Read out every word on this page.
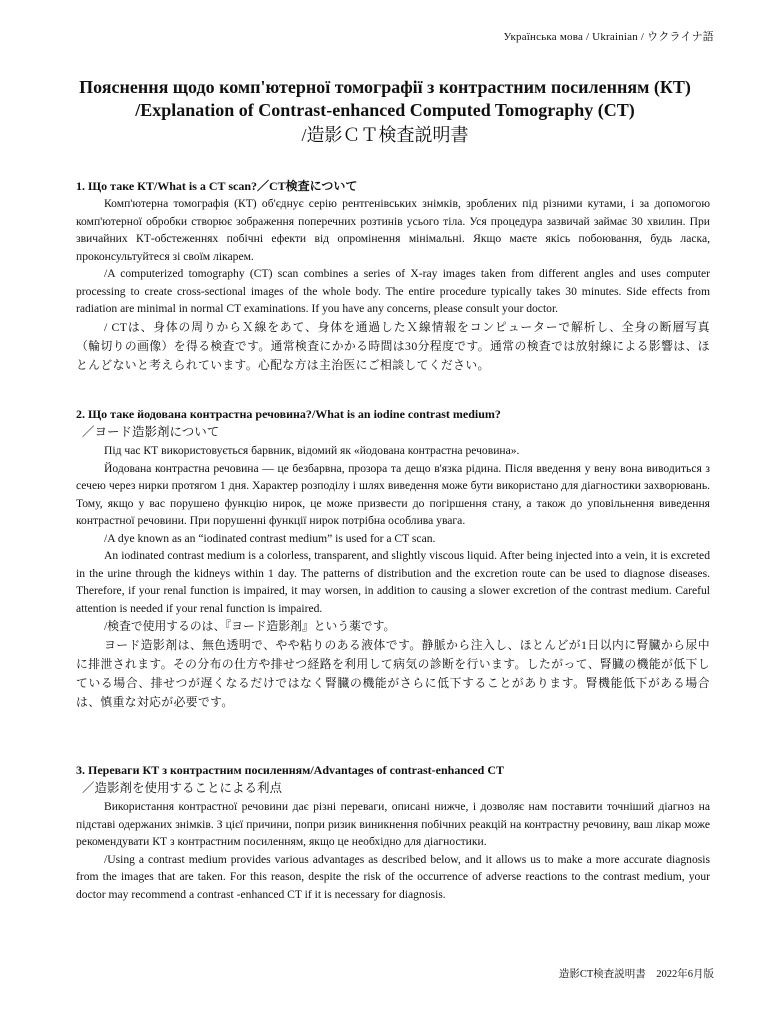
Українська мова / Ukrainian / ウクライナ語
Пояснення щодо комп'ютерної томографії з контрастним посиленням (КТ)
/Explanation of Contrast-enhanced Computed Tomography (CT)
/造影ＣＴ検査説明書
1. Що таке КТ/What is a CT scan?／CT検査について

Комп'ютерна томографія (КТ) об'єднує серію рентгенівських знімків, зроблених під різними кутами, і за допомогою комп'ютерної обробки створює зображення поперечних розтинів усього тіла. Уся процедура зазвичай займає 30 хвилин. При звичайних КТ-обстеженнях побічні ефекти від опромінення мінімальні. Якщо маєте якісь побоювання, будь ласка, проконсультуйтеся зі своїм лікарем.

/A computerized tomography (CT) scan combines a series of X-ray images taken from different angles and uses computer processing to create cross-sectional images of the whole body. The entire procedure typically takes 30 minutes. Side effects from radiation are minimal in normal CT examinations. If you have any concerns, please consult your doctor.

/ CTは、身体の周りからＸ線をあて、身体を通過したＸ線情報をコンピューターで解析し、全身の断層写真（輪切りの画像）を得る検査です。通常検査にかかる時間は30分程度です。通常の検査では放射線による影響は、ほとんどないと考えられています。心配な方は主治医にご相談してください。

2. Що таке йодована контрастна речовина?/What is an iodine contrast medium?
／ヨード造影剤について

Під час КТ використовується барвник, відомий як «йодована контрастна речовина».

Йодована контрастна речовина — це безбарвна, прозора та дещо в'язка рідина. Після введення у вену вона виводиться з сечею через нирки протягом 1 дня. Характер розподілу і шлях виведення може бути використано для діагностики захворювань. Тому, якщо у вас порушено функцію нирок, це може призвести до погіршення стану, а також до уповільнення виведення контрастної речовини. При порушенні функції нирок потрібна особлива увага.

/A dye known as an “iodinated contrast medium” is used for a CT scan.

An iodinated contrast medium is a colorless, transparent, and slightly viscous liquid. After being injected into a vein, it is excreted in the urine through the kidneys within 1 day. The patterns of distribution and the excretion route can be used to diagnose diseases. Therefore, if your renal function is impaired, it may worsen, in addition to causing a slower excretion of the contrast medium. Careful attention is needed if your renal function is impaired.

/検査で使用するのは、『ヨード造影剤』という薬です。

ヨード造影剤は、無色透明で、やや粘りのある液体です。静脈から注入し、ほとんどが1日以内に腎臓から尿中に排泄されます。その分布の仕方や排せつ経路を利用して病気の診断を行います。したがって、腎臓の機能が低下している場合、排せつが遅くなるだけではなく腎臓の機能がさらに低下することがあります。腎機能低下がある場合は、慎重な対応が必要です。

3. Переваги КТ з контрастним посиленням/Advantages of contrast-enhanced CT
／造影剤を使用することによる利点

Використання контрастної речовини дає різні переваги, описані нижче, і дозволяє нам поставити точніший діагноз на підставі одержаних знімків. З цієї причини, попри ризик виникнення побічних реакцій на контрастну речовину, ваш лікар може рекомендувати КТ з контрастним посиленням, якщо це необхідно для діагностики.

/Using a contrast medium provides various advantages as described below, and it allows us to make a more accurate diagnosis from the images that are taken. For this reason, despite the risk of the occurrence of adverse reactions to the contrast medium, your doctor may recommend a contrast -enhanced CT if it is necessary for diagnosis.

造影CT検査説明書　2022年6月版
